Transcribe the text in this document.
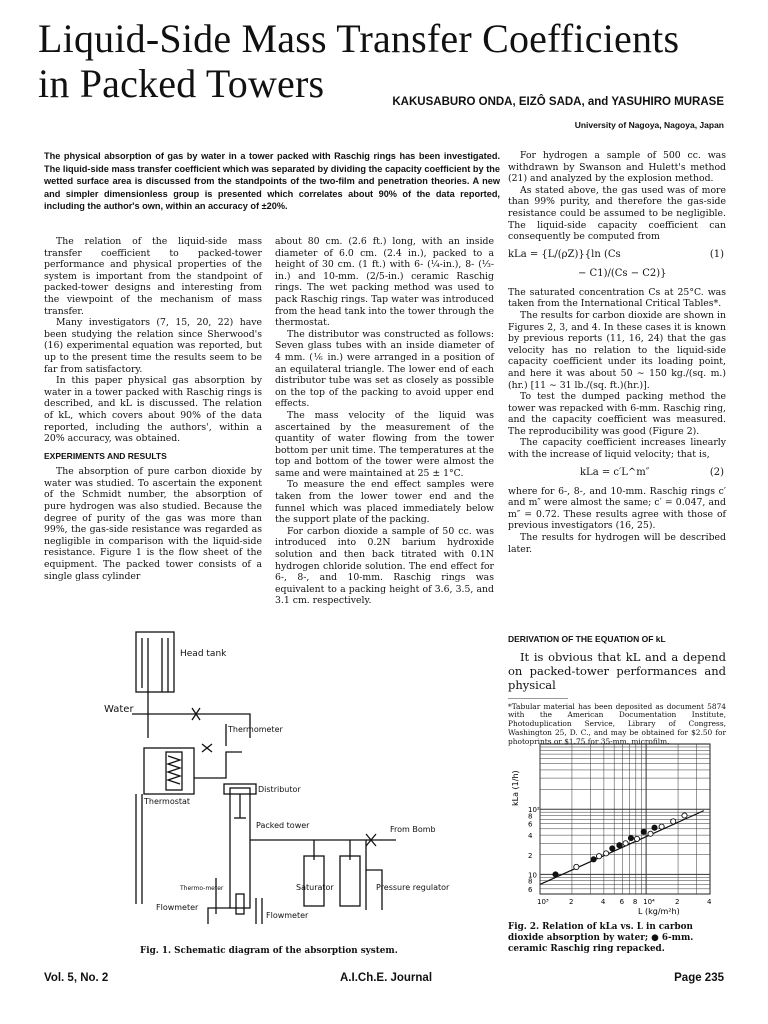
Liquid-Side Mass Transfer Coefficients
in Packed Towers	KAKUSABURO ONDA, EIZÔ SADA, and YASUHIRO MURASE
University of Nagoya, Nagoya, Japan
The physical absorption of gas by water in a tower packed with Raschig rings has been investigated. The liquid-side mass transfer coefficient which was separated by dividing the capacity coefficient by the wetted surface area is discussed from the standpoints of the two-film and penetration theories. A new and simpler dimensionless group is presented which correlates about 90% of the data reported, including the author's own, within an accuracy of ±20%.

The relation of the liquid-side mass transfer coefficient to packed-tower performance and physical properties of the system is important from the standpoint of packed-tower designs and interesting from the viewpoint of the mechanism of mass transfer.

Many investigators (7, 15, 20, 22) have been studying the relation since Sherwood's (16) experimental equation was reported, but up to the present time the results seem to be far from satisfactory.

In this paper physical gas absorption by water in a tower packed with Raschig rings is described, and kL is discussed. The relation of kL, which covers about 90% of the data reported, including the authors', within a 20% accuracy, was obtained.

EXPERIMENTS AND RESULTS

The absorption of pure carbon dioxide by water was studied. To ascertain the exponent of the Schmidt number, the absorption of pure hydrogen was also studied. Because the degree of purity of the gas was more than 99%, the gas-side resistance was regarded as negligible in comparison with the liquid-side resistance. Figure 1 is the flow sheet of the equipment. The packed tower consists of a single glass cylinder

about 80 cm. (2.6 ft.) long, with an inside diameter of 6.0 cm. (2.4 in.), packed to a height of 30 cm. (1 ft.) with 6- (¼-in.), 8- (⅓-in.) and 10-mm. (2/5-in.) ceramic Raschig rings. The wet packing method was used to pack Raschig rings. Tap water was introduced from the head tank into the tower through the thermostat.

The distributor was constructed as follows: Seven glass tubes with an inside diameter of 4 mm. (⅙ in.) were arranged in a position of an equilateral triangle. The lower end of each distributor tube was set as closely as possible on the top of the packing to avoid upper end effects.

The mass velocity of the liquid was ascertained by the measurement of the quantity of water flowing from the tower bottom per unit time. The temperatures at the top and bottom of the tower were almost the same and were maintained at 25 ± 1°C.

To measure the end effect samples were taken from the lower tower end and the funnel which was placed immediately below the support plate of the packing.

For carbon dioxide a sample of 50 cc. was introduced into 0.2N barium hydroxide solution and then back titrated with 0.1N hydrogen chloride solution. The end effect for 6-, 8-, and 10-mm. Raschig rings was equivalent to a packing height of 3.6, 3.5, and 3.1 cm. respectively.

For hydrogen a sample of 500 cc. was withdrawn by Swanson and Hulett's method (21) and analyzed by the explosion method.

As stated above, the gas used was of more than 99% purity, and therefore the gas-side resistance could be assumed to be negligible. The liquid-side capacity coefficient can consequently be computed from

kLa = {L/(ρZ)}{ln (Cs	(1)
− C1)/(Cs − C2)}

The saturated concentration Cs at 25°C. was taken from the International Critical Tables*.

The results for carbon dioxide are shown in Figures 2, 3, and 4. In these cases it is known by previous reports (11, 16, 24) that the gas velocity has no relation to the liquid-side capacity coefficient under its loading point, and here it was about 50 ∼ 150 kg./(sq. m.)(hr.) [11 ∼ 31 lb./(sq. ft.)(hr.)].

To test the dumped packing method the tower was repacked with 6-mm. Raschig ring, and the capacity coefficient was measured. The reproducibility was good (Figure 2).

The capacity coefficient increases linearly with the increase of liquid velocity; that is,

kLa = c′L^m″	(2)

where for 6-, 8-, and 10-mm. Raschig rings c′ and m″ were almost the same; c′ = 0.047, and m″ = 0.72. These results agree with those of previous investigators (16, 25).

The results for hydrogen will be described later.

DERIVATION OF THE EQUATION OF kL

It is obvious that kL and a depend on packed-tower performances and physical

*Tabular material has been deposited as document 5874 with the American Documentation Institute, Photoduplication Service, Library of Congress, Washington 25, D. C., and may be obtained for $2.50 for photoprints or $1.75 for 35-mm. microfilm.
Head tank
Water
Thermometer
Distributor
Thermostat
Packed tower	From Bomb
Thermo-meter	Saturator	Pressure regulator
Flowmeter
Flowmeter
Fig. 1. Schematic diagram of the absorption system.
10³	2	4 6 8 10⁴	2	4
10²
8
6
4
2
10
8
6
L (kg/m²h)
kLa (1/h)
Fig. 2. Relation of kLa vs. L in carbon dioxide absorption by water; ● 6-mm. ceramic Raschig ring repacked.
Vol. 5, No. 2	A.I.Ch.E. Journal	Page 235
